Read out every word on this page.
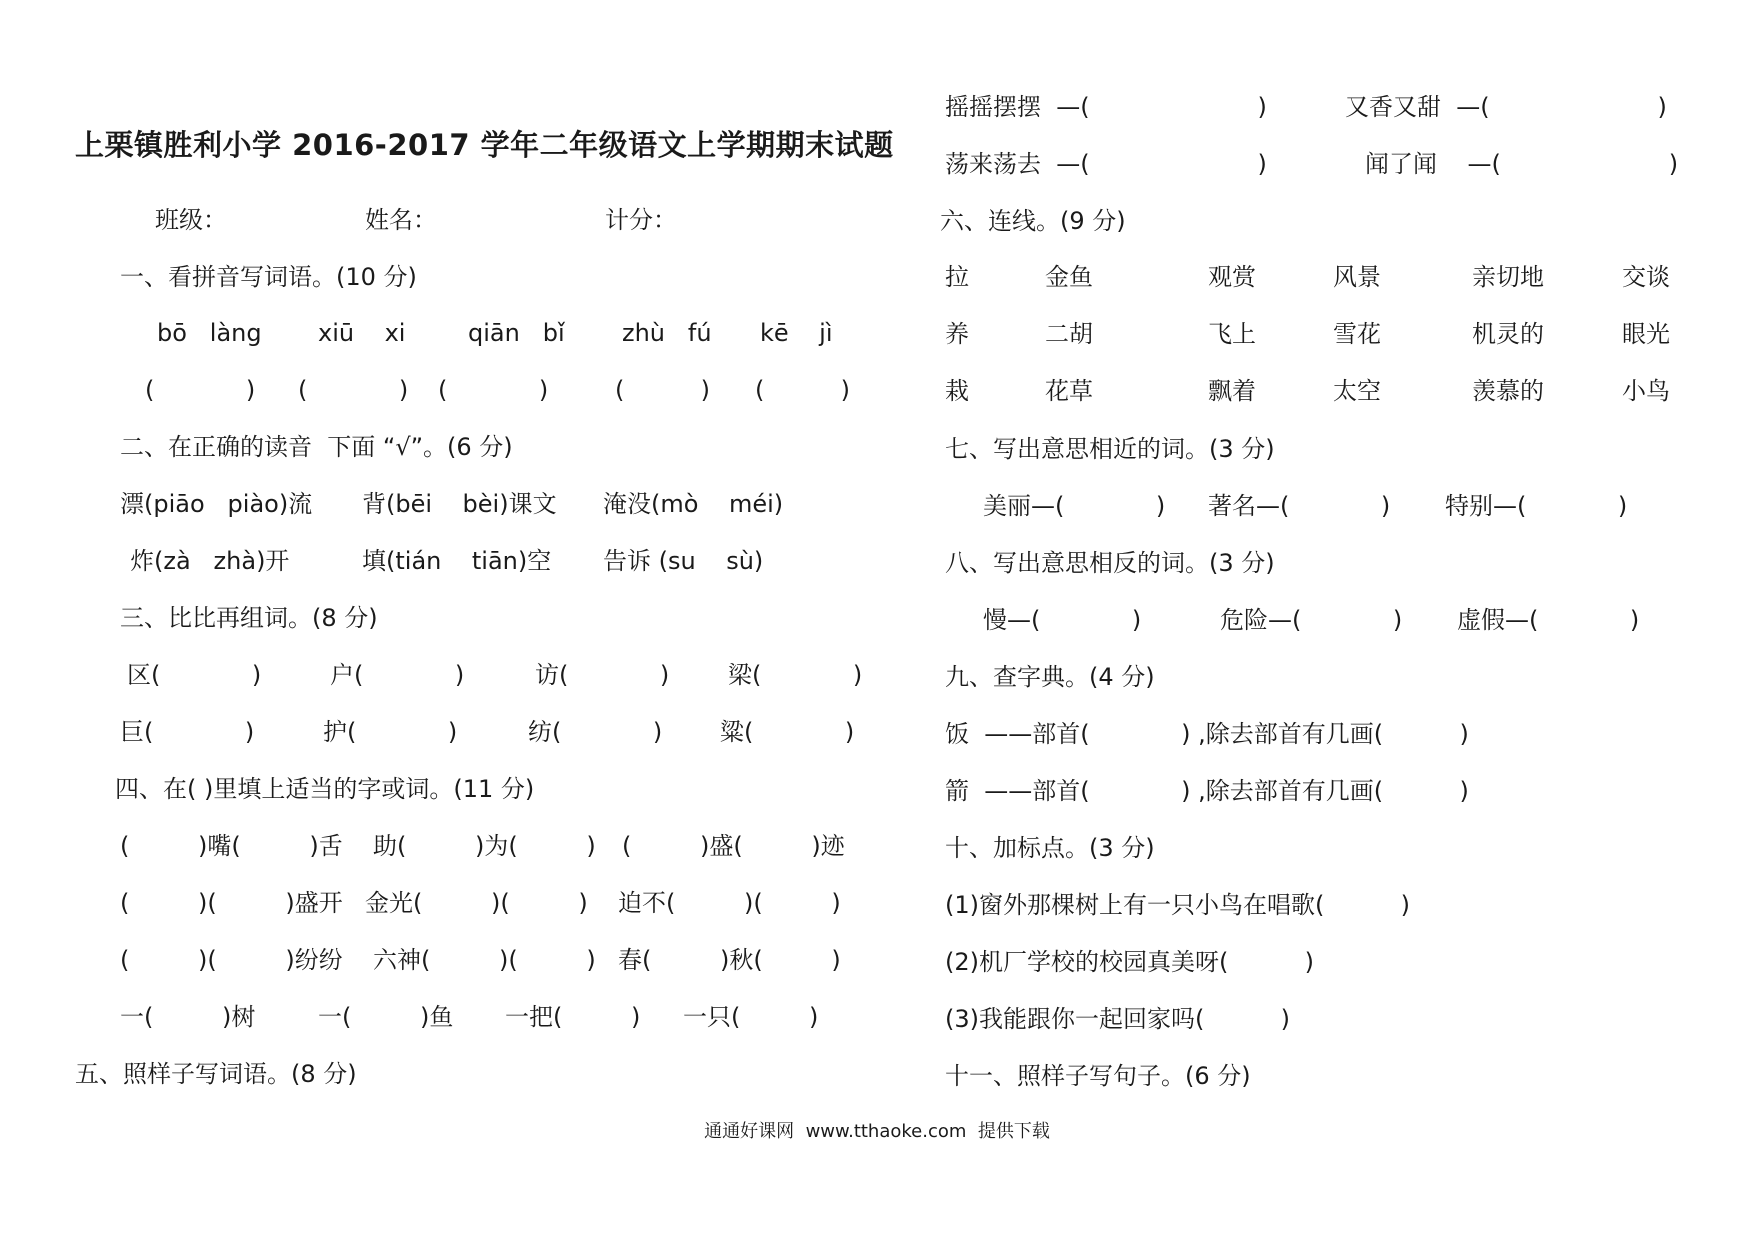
上栗镇胜利小学 2016-2017 学年二年级语文上学期期末试题
班级：	姓名：	计分：
一、看拼音写词语。(10 分)
bō   làng xiū    xi	qiān   bǐ zhù   fú kē    jì
(            ) (            ) (            )	(          ) (          )
二、在正确的读音  下面 “√”。(6 分)
漂(piāo   piào)流 背(bēi    bèi)课文 淹没(mò    méi)
炸(zà   zhà)开	填(tián    tiān)空 告诉 (su    sù)
三、比比再组词。(8 分)
区(            )	户(            )	访(            ) 梁(            )
巨(            )	护(            )	纺(            ) 粱(            )
四、在( )里填上适当的字或词。(11 分)
(         )嘴(         )舌 助(         )为(         ) (         )盛(         )迹
(         )(         )盛开 金光(         )(         ) 迫不(         )(         )
(         )(         )纷纷 六神(         )(         ) 春(         )秋(         )
一(         )树	一(         )鱼 一把(         ) 一只(         )
五、照样子写词语。(8 分)
摇摇摆摆  —(                      )	又香又甜  —(                      )
荡来荡去  —(                      )	闻了闻    —(                      )
六、连线。(9 分)
拉	金鱼	观赏	风景	亲切地	交谈
养	二胡	飞上	雪花	机灵的	眼光
栽	花草	飘着	太空	羡慕的	小鸟
七、写出意思相近的词。(3 分)
美丽—(            ) 著名—(            ) 特别—(            )
八、写出意思相反的词。(3 分)
慢—(            )	危险—(            ) 虚假—(            )
九、查字典。(4 分)
饭  ——部首(            ) ,除去部首有几画(          )
箭  ——部首(            ) ,除去部首有几画(          )
十、加标点。(3 分)
(1)窗外那棵树上有一只小鸟在唱歌(          )
(2)机厂学校的校园真美呀(          )
(3)我能跟你一起回家吗(          )
十一、照样子写句子。(6 分)
通通好课网  www.tthaoke.com  提供下载
